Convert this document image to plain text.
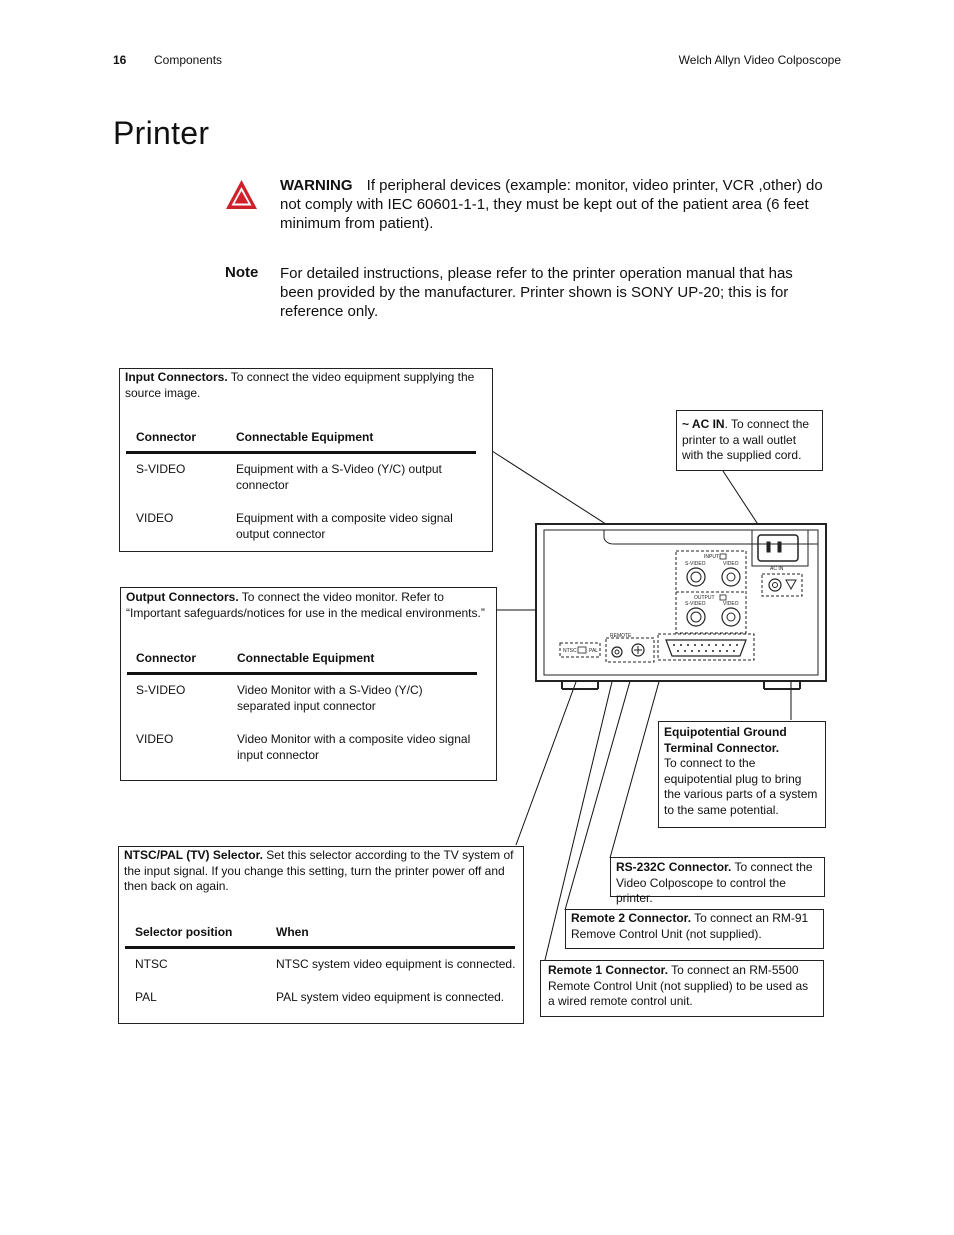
16 Components	Welch Allyn Video Colposcope
Printer
WARNING If peripheral devices (example: monitor, video printer, VCR ,other) do not comply with IEC 60601-1-1, they must be kept out of the patient area (6 feet minimum from patient).
Note For detailed instructions, please refer to the printer operation manual that has been provided by the manufacturer. Printer shown is SONY UP-20; this is for reference only.
INPUT
S-VIDEO	VIDEO
OUTPUT
S-VIDEO	VIDEO
AC IN
REMOTE
NTSC PAL
Input Connectors. To connect the video equipment supplying the source image.
Connector	Connectable Equipment
S-VIDEO	Equipment with a S-Video (Y/C) output connector
VIDEO	Equipment with a composite video signal output connector
Output Connectors. To connect the video monitor. Refer to “Important safeguards/notices for use in the medical environments.”
Connector	Connectable Equipment
S-VIDEO	Video Monitor with a S-Video (Y/C) separated input connector
VIDEO	Video Monitor with a composite video signal input connector
NTSC/PAL (TV) Selector. Set this selector according to the TV system of the input signal. If you change this setting, turn the printer power off and then back on again.
Selector position	When
NTSC	NTSC system video equipment is connected.
PAL	PAL system video equipment is connected.
~ AC IN. To connect the printer to a wall outlet with the supplied cord.
Equipotential Ground Terminal Connector.
To connect to the equipotential plug to bring the various parts of a system to the same potential.
RS-232C Connector. To connect the Video Colposcope to control the printer.
Remote 2 Connector. To connect an RM-91 Remove Control Unit (not supplied).
Remote 1 Connector. To connect an RM-5500 Remote Control Unit (not supplied) to be used as a wired remote control unit.
